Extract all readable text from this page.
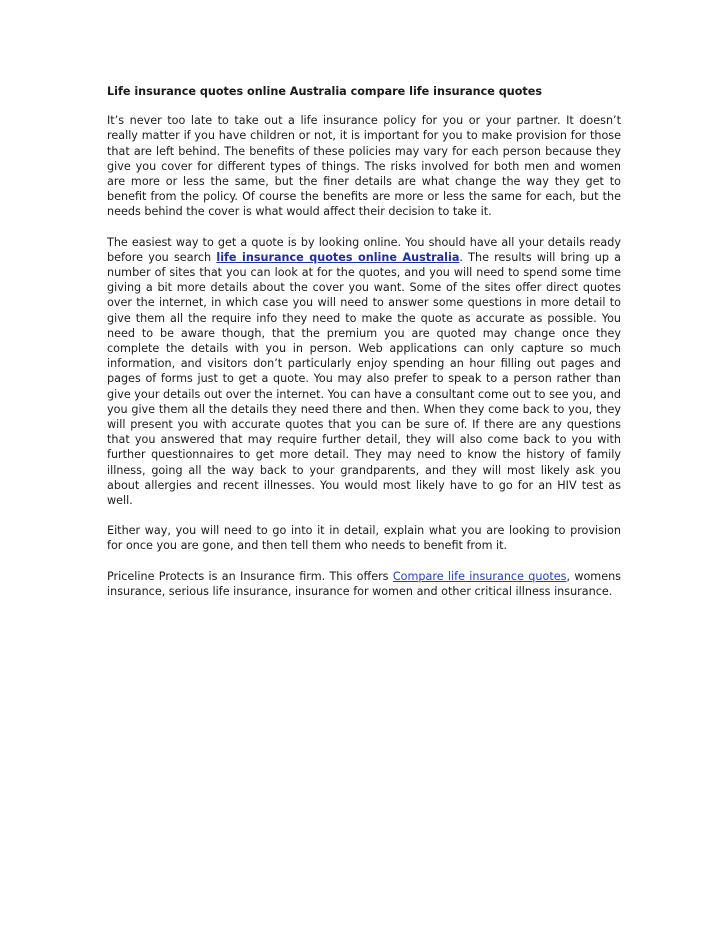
Life insurance quotes online Australia compare life insurance quotes

It’s never too late to take out a life insurance policy for you or your partner. It doesn’t really matter if you have children or not, it is important for you to make provision for those that are left behind. The benefits of these policies may vary for each person because they give you cover for different types of things. The risks involved for both men and women are more or less the same, but the finer details are what change the way they get to benefit from the policy. Of course the benefits are more or less the same for each, but the needs behind the cover is what would affect their decision to take it.

The easiest way to get a quote is by looking online. You should have all your details ready before you search life insurance quotes online Australia. The results will bring up a number of sites that you can look at for the quotes, and you will need to spend some time giving a bit more details about the cover you want. Some of the sites offer direct quotes over the internet, in which case you will need to answer some questions in more detail to give them all the require info they need to make the quote as accurate as possible. You need to be aware though, that the premium you are quoted may change once they complete the details with you in person. Web applications can only capture so much information, and visitors don’t particularly enjoy spending an hour filling out pages and pages of forms just to get a quote. You may also prefer to speak to a person rather than give your details out over the internet. You can have a consultant come out to see you, and you give them all the details they need there and then. When they come back to you, they will present you with accurate quotes that you can be sure of. If there are any questions that you answered that may require further detail, they will also come back to you with further questionnaires to get more detail. They may need to know the history of family illness, going all the way back to your grandparents, and they will most likely ask you about allergies and recent illnesses. You would most likely have to go for an HIV test as well.

Either way, you will need to go into it in detail, explain what you are looking to provision for once you are gone, and then tell them who needs to benefit from it.

Priceline Protects is an Insurance firm. This offers Compare life insurance quotes, womens insurance, serious life insurance, insurance for women and other critical illness insurance.
